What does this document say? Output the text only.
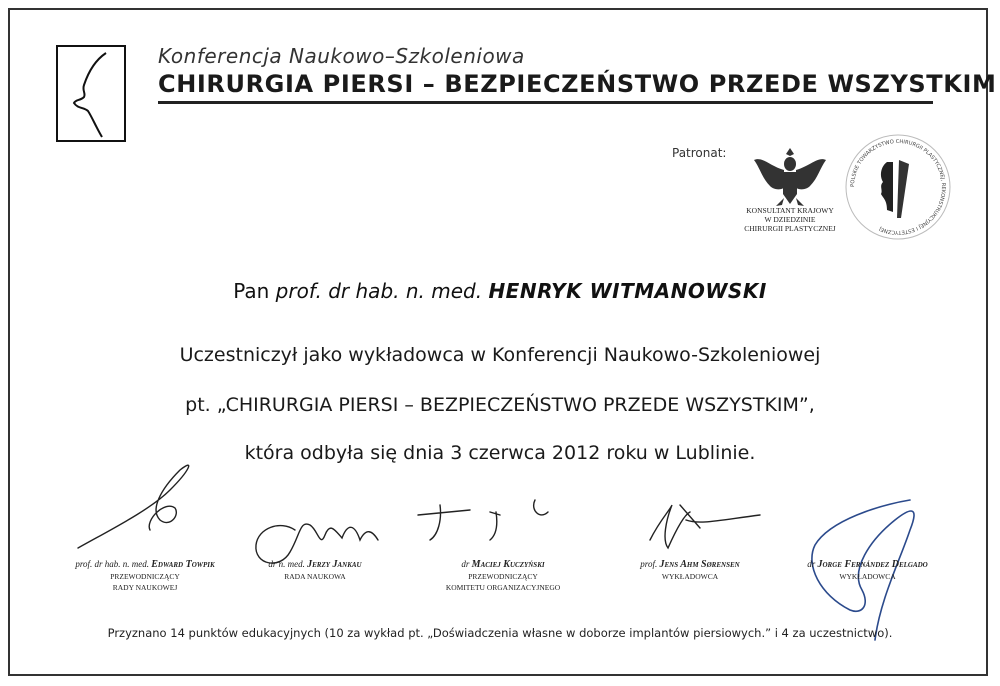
Konferencja Naukowo–Szkoleniowa
CHIRURGIA PIERSI – BEZPIECZEŃSTWO PRZEDE WSZYSTKIM
Patronat:
KONSULTANT KRAJOWY
W DZIEDZINIE
CHIRURGII PLASTYCZNEJ
POLSKIE TOWARZYSTWO CHIRURGII PLASTYCZNEJ, REKONSTRUKCYJNEJ I ESTETYCZNEJ
Pan prof. dr hab. n. med. HENRYK WITMANOWSKI
Uczestniczył jako wykładowca w Konferencji Naukowo-Szkoleniowej
pt. „CHIRURGIA PIERSI – BEZPIECZEŃSTWO PRZEDE WSZYSTKIM”,
która odbyła się dnia 3 czerwca 2012 roku w Lublinie.
prof. dr hab. n. med. Edward Towpik
PRZEWODNICZĄCY
RADY NAUKOWEJ
dr n. med. Jerzy Jankau
RADA NAUKOWA
dr Maciej Kuczyński
PRZEWODNICZĄCY
KOMITETU ORGANIZACYJNEGO
prof. Jens Ahm Sørensen
WYKŁADOWCA
dr Jorge Fernández Delgado
WYKŁADOWCA
Przyznano 14 punktów edukacyjnych (10 za wykład pt. „Doświadczenia własne w doborze implantów piersiowych.” i 4 za uczestnictwo).
